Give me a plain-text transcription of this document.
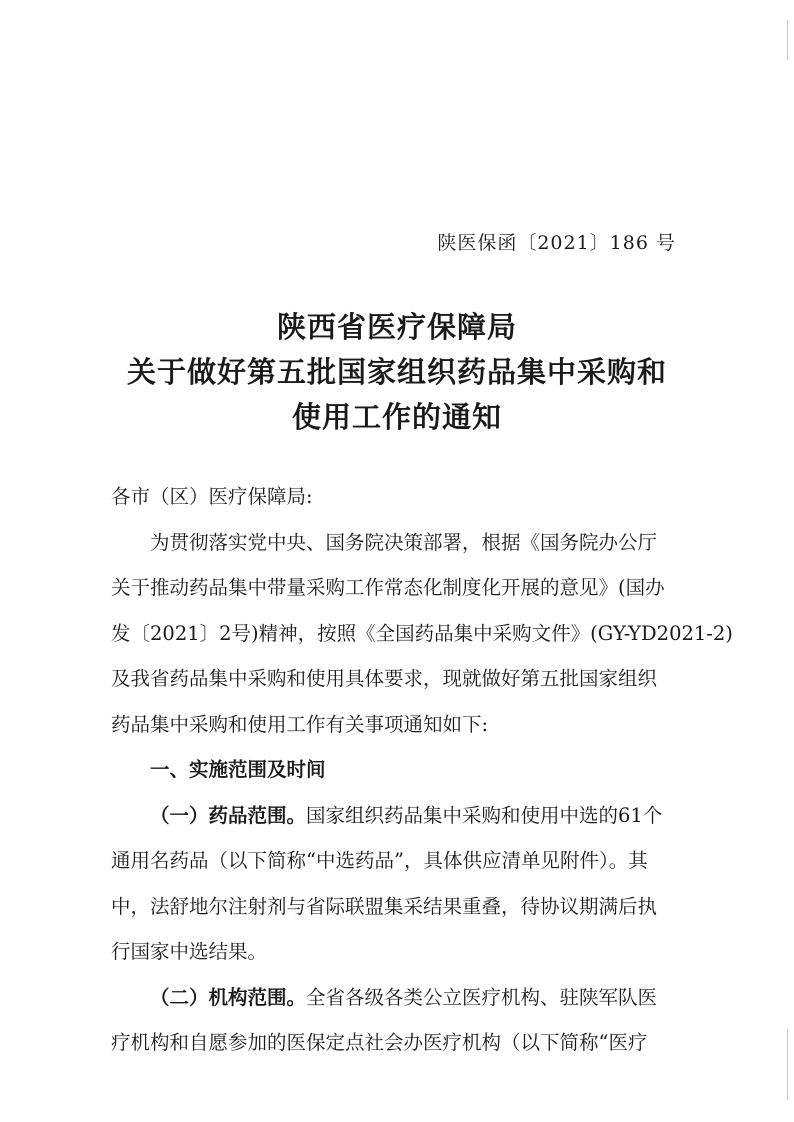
陕医保函〔2021〕186 号
陕西省医疗保障局
关于做好第五批国家组织药品集中采购和
使用工作的通知
各市（区）医疗保障局:
为贯彻落实党中央、国务院决策部署，根据《国务院办公厅
关于推动药品集中带量采购工作常态化制度化开展的意见》(国办
发〔2021〕2号)精神，按照《全国药品集中采购文件》(GY-YD2021-2)
及我省药品集中采购和使用具体要求，现就做好第五批国家组织
药品集中采购和使用工作有关事项通知如下:
一、实施范围及时间
（一）药品范围。国家组织药品集中采购和使用中选的61个
通用名药品（以下简称“中选药品”，具体供应清单见附件）。其
中，法舒地尔注射剂与省际联盟集采结果重叠，待协议期满后执
行国家中选结果。
（二）机构范围。全省各级各类公立医疗机构、驻陕军队医
疗机构和自愿参加的医保定点社会办医疗机构（以下简称“医疗
